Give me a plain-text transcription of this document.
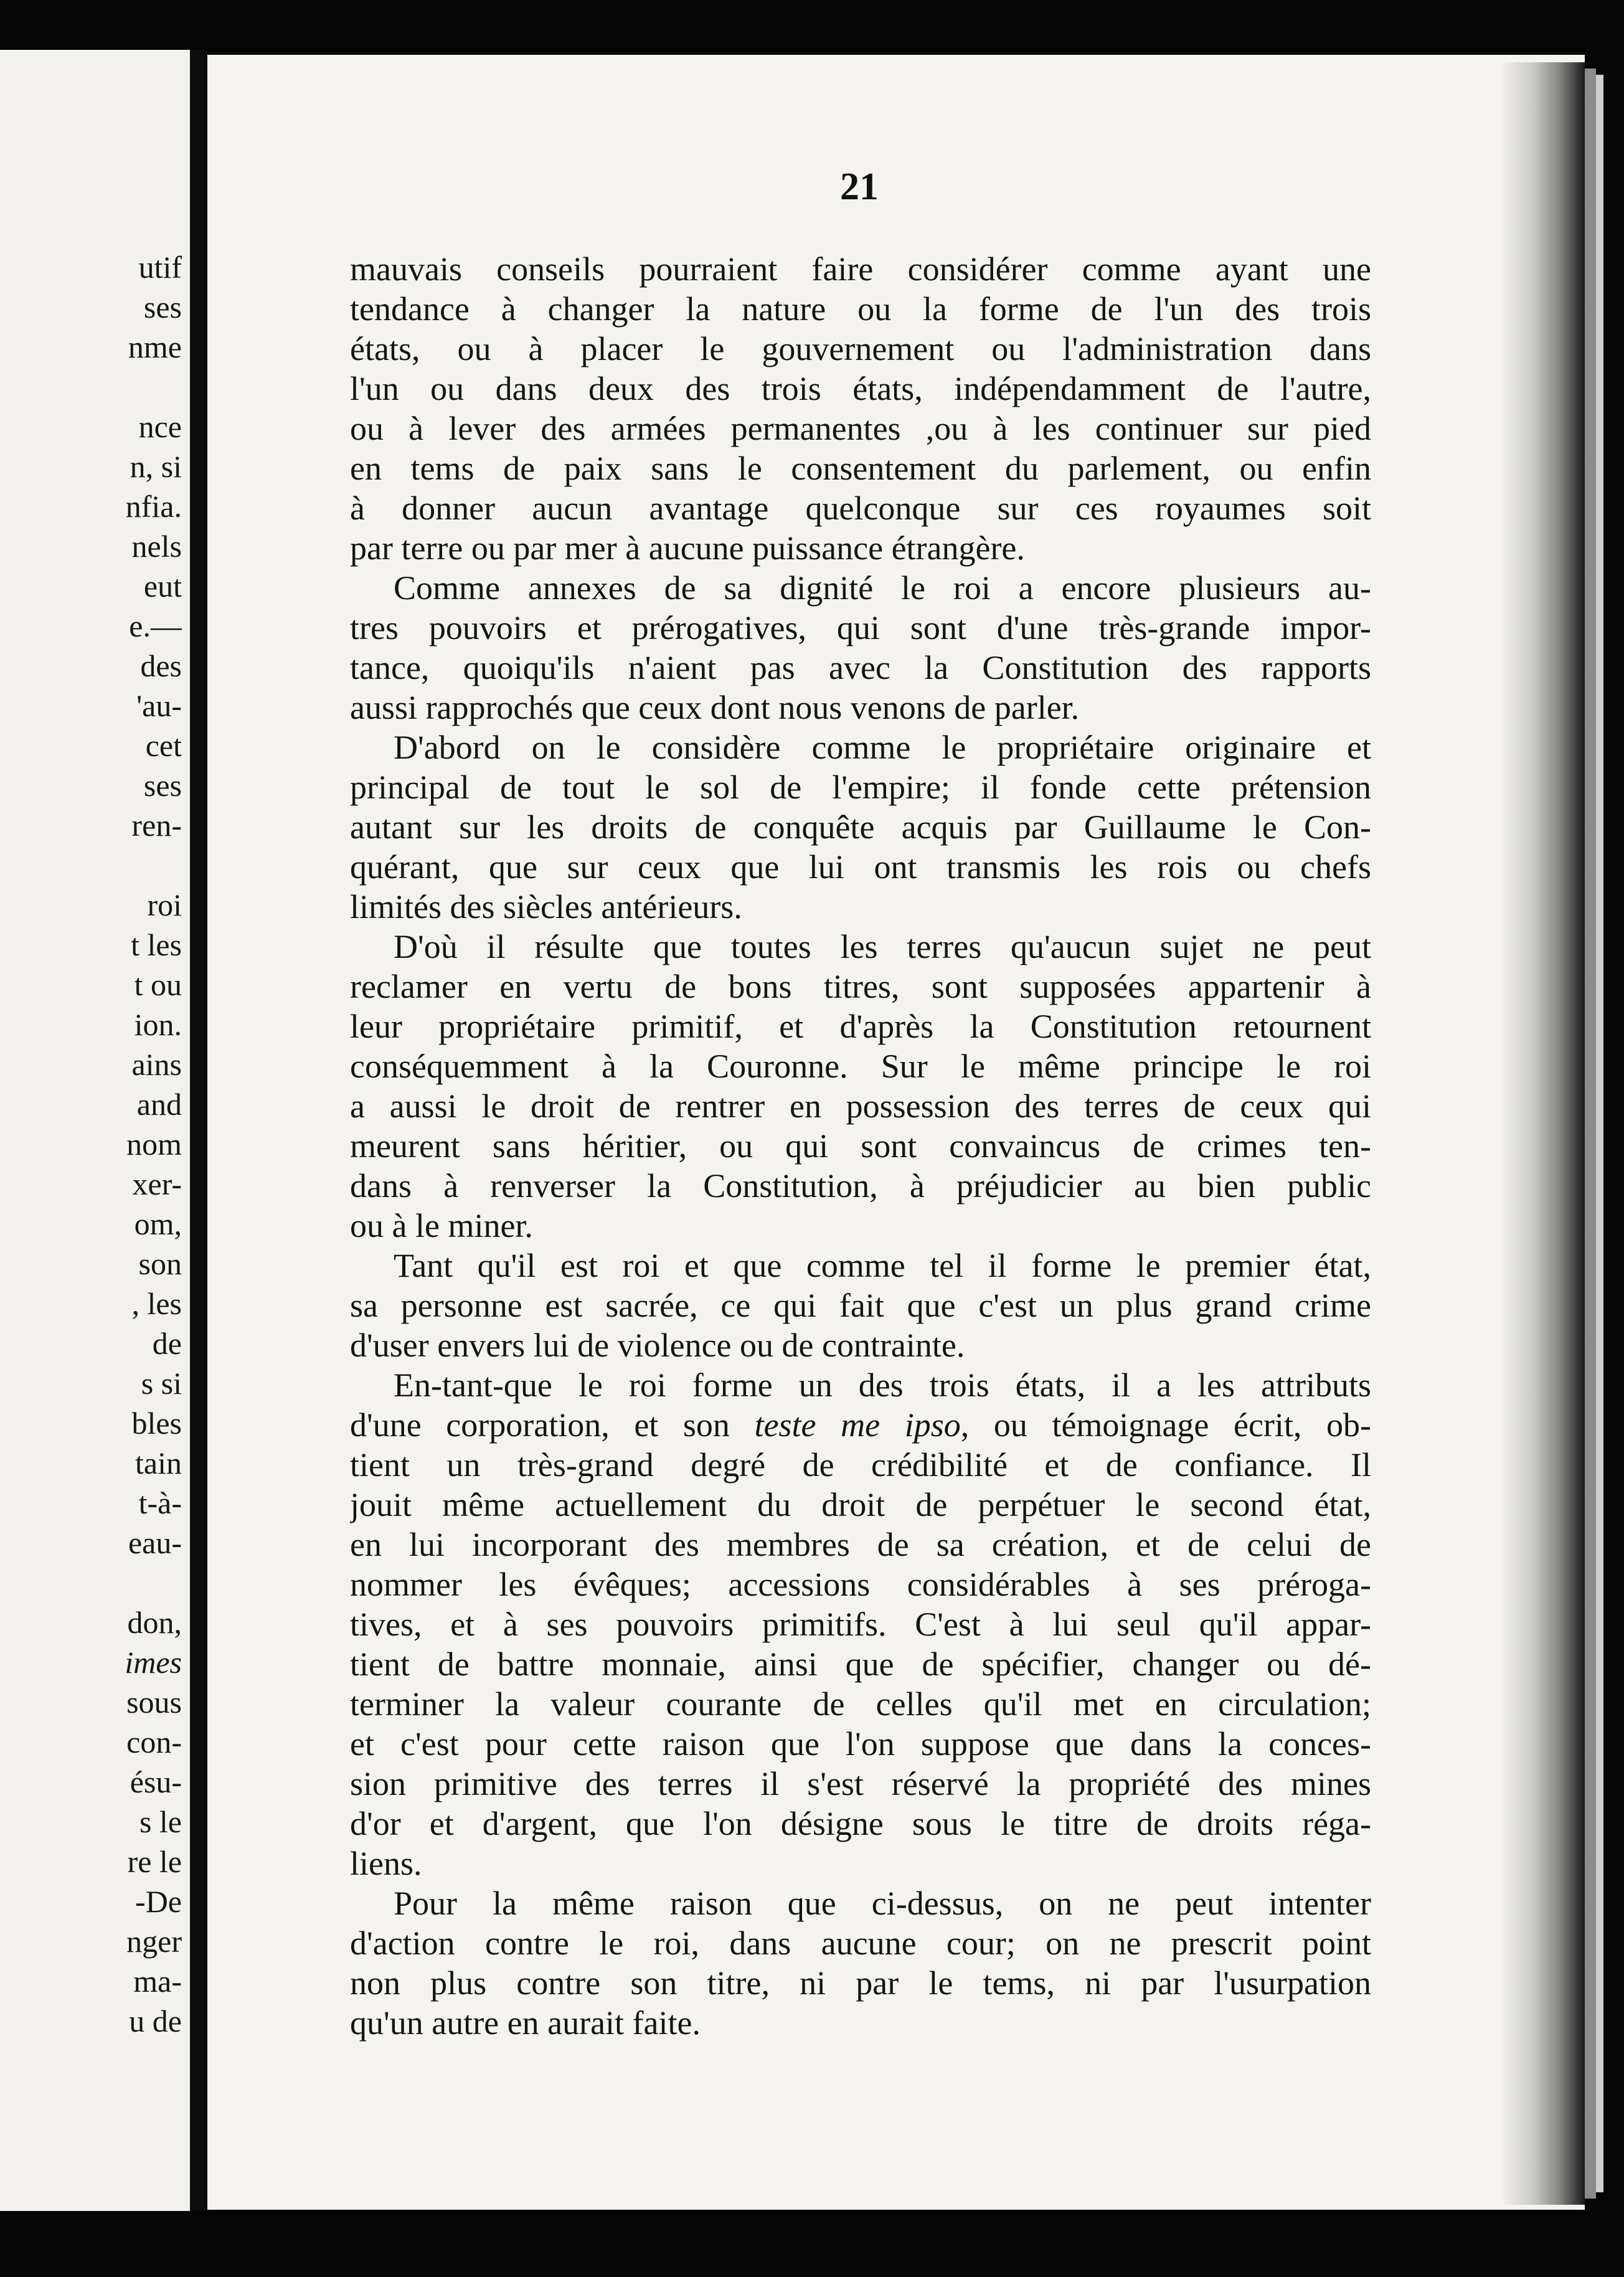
utif
ses
nme
nce
n, si
nfia.
nels
eut
e.—
des
'au-
cet
ses
ren-
roi
t les
t ou
ion.
ains
and
nom
xer-
om,
son
, les
de
s si
bles
tain
t-à-
eau-
don,
imes
sous
con-
ésu-
s le
re le
-De
nger
ma-
u de
21
mauvais conseils pourraient faire considérer comme ayant une
tendance à changer la nature ou la forme de l'un des trois
états, ou à placer le gouvernement ou l'administration dans
l'un ou dans deux des trois états, indépendamment de l'autre,
ou à lever des armées permanentes ,ou à les continuer sur pied
en tems de paix sans le consentement du parlement, ou enfin
à donner aucun avantage quelconque sur ces royaumes soit
par terre ou par mer à aucune puissance étrangère.
Comme annexes de sa dignité le roi a encore plusieurs au-
tres pouvoirs et prérogatives, qui sont d'une très-grande impor-
tance, quoiqu'ils n'aient pas avec la Constitution des rapports
aussi rapprochés que ceux dont nous venons de parler.
D'abord on le considère comme le propriétaire originaire et
principal de tout le sol de l'empire; il fonde cette prétension
autant sur les droits de conquête acquis par Guillaume le Con-
quérant, que sur ceux que lui ont transmis les rois ou chefs
limités des siècles antérieurs.
D'où il résulte que toutes les terres qu'aucun sujet ne peut
reclamer en vertu de bons titres, sont supposées appartenir à
leur propriétaire primitif, et d'après la Constitution retournent
conséquemment à la Couronne. Sur le même principe le roi
a aussi le droit de rentrer en possession des terres de ceux qui
meurent sans héritier, ou qui sont convaincus de crimes ten-
dans à renverser la Constitution, à préjudicier au bien public
ou à le miner.
Tant qu'il est roi et que comme tel il forme le premier état,
sa personne est sacrée, ce qui fait que c'est un plus grand crime
d'user envers lui de violence ou de contrainte.
En-tant-que le roi forme un des trois états, il a les attributs
d'une corporation, et son teste me ipso, ou témoignage écrit, ob-
tient un très-grand degré de crédibilité et de confiance. Il
jouit même actuellement du droit de perpétuer le second état,
en lui incorporant des membres de sa création, et de celui de
nommer les évêques; accessions considérables à ses préroga-
tives, et à ses pouvoirs primitifs. C'est à lui seul qu'il appar-
tient de battre monnaie, ainsi que de spécifier, changer ou dé-
terminer la valeur courante de celles qu'il met en circulation;
et c'est pour cette raison que l'on suppose que dans la conces-
sion primitive des terres il s'est réservé la propriété des mines
d'or et d'argent, que l'on désigne sous le titre de droits réga-
liens.
Pour la même raison que ci-dessus, on ne peut intenter
d'action contre le roi, dans aucune cour; on ne prescrit point
non plus contre son titre, ni par le tems, ni par l'usurpation
qu'un autre en aurait faite.
